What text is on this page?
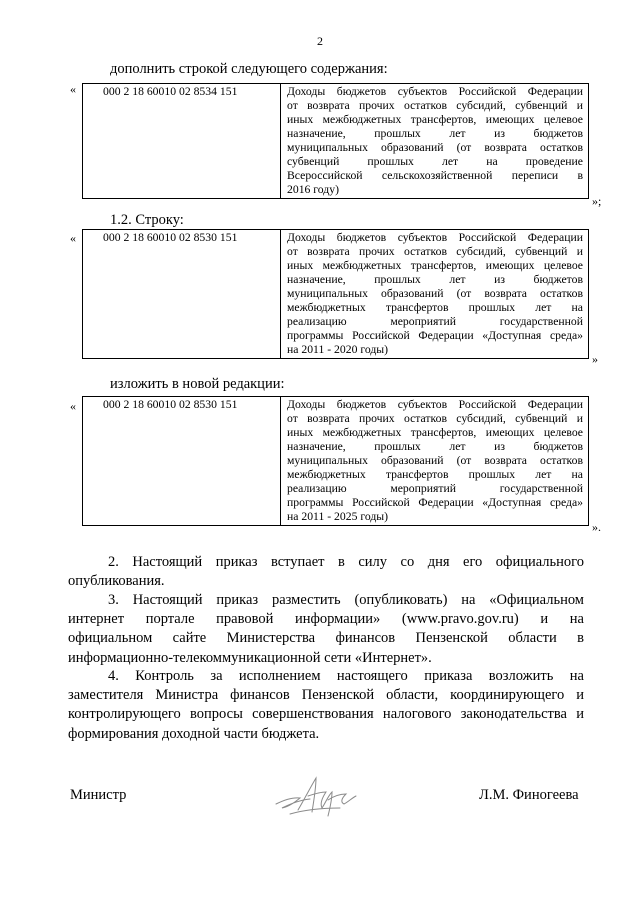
2
дополнить строкой следующего содержания:
« 000 2 18 60010 02 8534 151	Доходы бюджетов субъектов Российской Федерации
от возврата прочих остатков субсидий, субвенций и
иных межбюджетных трансфертов, имеющих целевое
назначение, прошлых лет из бюджетов
муниципальных образований (от возврата остатков
субвенций прошлых лет на проведение
Всероссийской сельскохозяйственной переписи в
2016 году)
»;
1.2. Строку:
« 000 2 18 60010 02 8530 151	Доходы бюджетов субъектов Российской Федерации
от возврата прочих остатков субсидий, субвенций и
иных межбюджетных трансфертов, имеющих целевое
назначение, прошлых лет из бюджетов
муниципальных образований (от возврата остатков
межбюджетных трансфертов прошлых лет на
реализацию мероприятий государственной
программы Российской Федерации «Доступная среда»
на 2011 - 2020 годы)
»
изложить в новой редакции:
« 000 2 18 60010 02 8530 151	Доходы бюджетов субъектов Российской Федерации
от возврата прочих остатков субсидий, субвенций и
иных межбюджетных трансфертов, имеющих целевое
назначение, прошлых лет из бюджетов
муниципальных образований (от возврата остатков
межбюджетных трансфертов прошлых лет на
реализацию мероприятий государственной
программы Российской Федерации «Доступная среда»
на 2011 - 2025 годы)
».
2. Настоящий приказ вступает в силу со дня его официального
опубликования.
3. Настоящий приказ разместить (опубликовать) на «Официальном
интернет портале правовой информации» (www.pravo.gov.ru) и на
официальном сайте Министерства финансов Пензенской области в
информационно-телекоммуникационной сети «Интернет».
4. Контроль за исполнением настоящего приказа возложить на
заместителя Министра финансов Пензенской области, координирующего и
контролирующего вопросы совершенствования налогового законодательства и
формирования доходной части бюджета.
Министр	Л.М. Финогеева
